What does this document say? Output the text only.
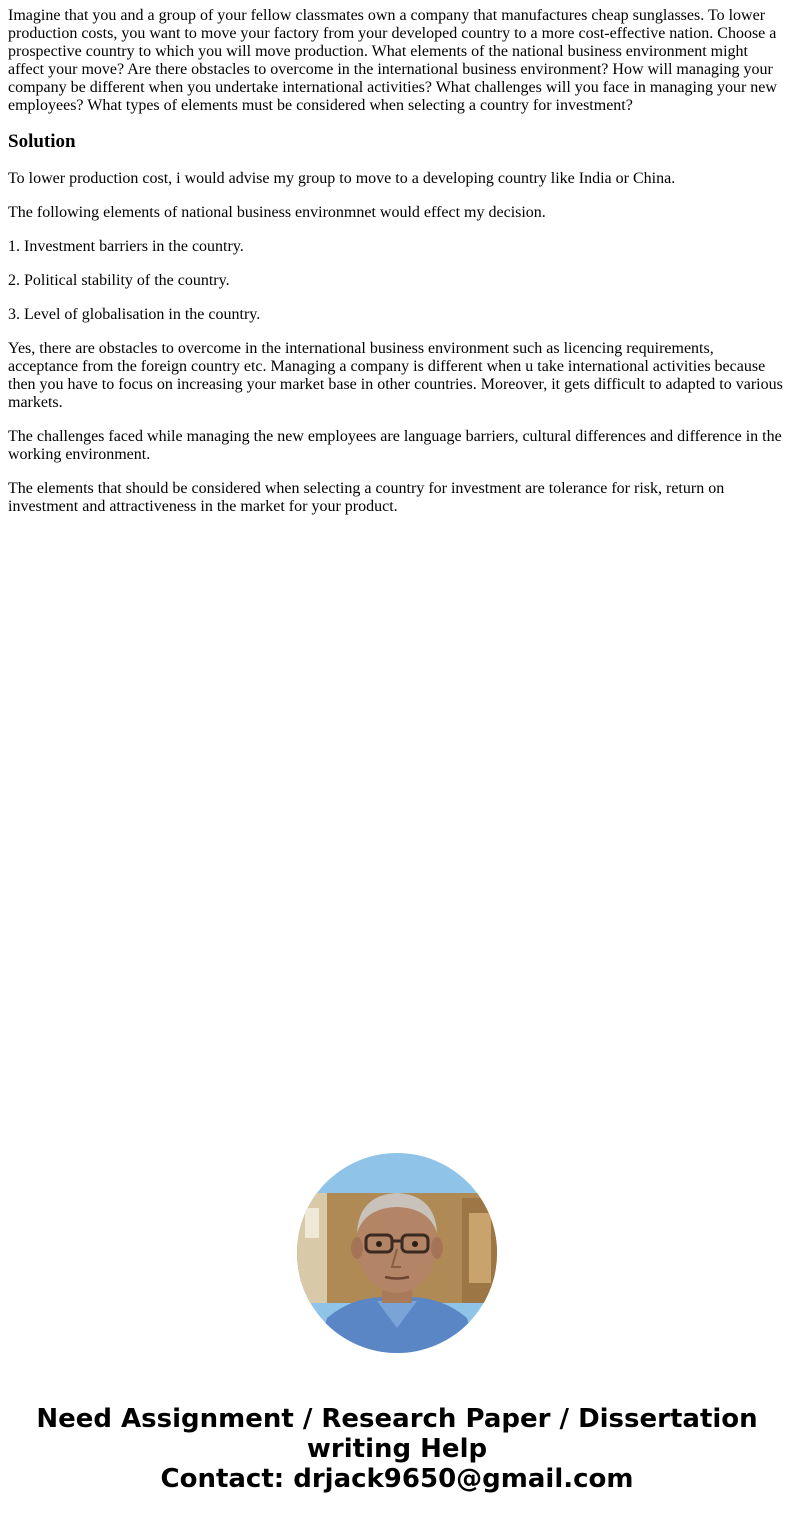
Imagine that you and a group of your fellow classmates own a company that manufactures cheap sunglasses. To lower production costs, you want to move your factory from your developed country to a more cost-effective nation. Choose a prospective country to which you will move production. What elements of the national business environment might affect your move? Are there obstacles to overcome in the international business environment? How will managing your company be different when you undertake international activities? What challenges will you face in managing your new employees? What types of elements must be considered when selecting a country for investment?

Solution

To lower production cost, i would advise my group to move to a developing country like India or China.

The following elements of national business environmnet would effect my decision.

1. Investment barriers in the country.

2. Political stability of the country.

3. Level of globalisation in the country.

Yes, there are obstacles to overcome in the international business environment such as licencing requirements, acceptance from the foreign country etc. Managing a company is different when u take international activities because then you have to focus on increasing your market base in other countries. Moreover, it gets difficult to adapted to various markets.

The challenges faced while managing the new employees are language barriers, cultural differences and difference in the working environment.

The elements that should be considered when selecting a country for investment are tolerance for risk, return on investment and attractiveness in the market for your product.

Need Assignment / Research Paper / Dissertation
writing Help
Contact: drjack9650@gmail.com
